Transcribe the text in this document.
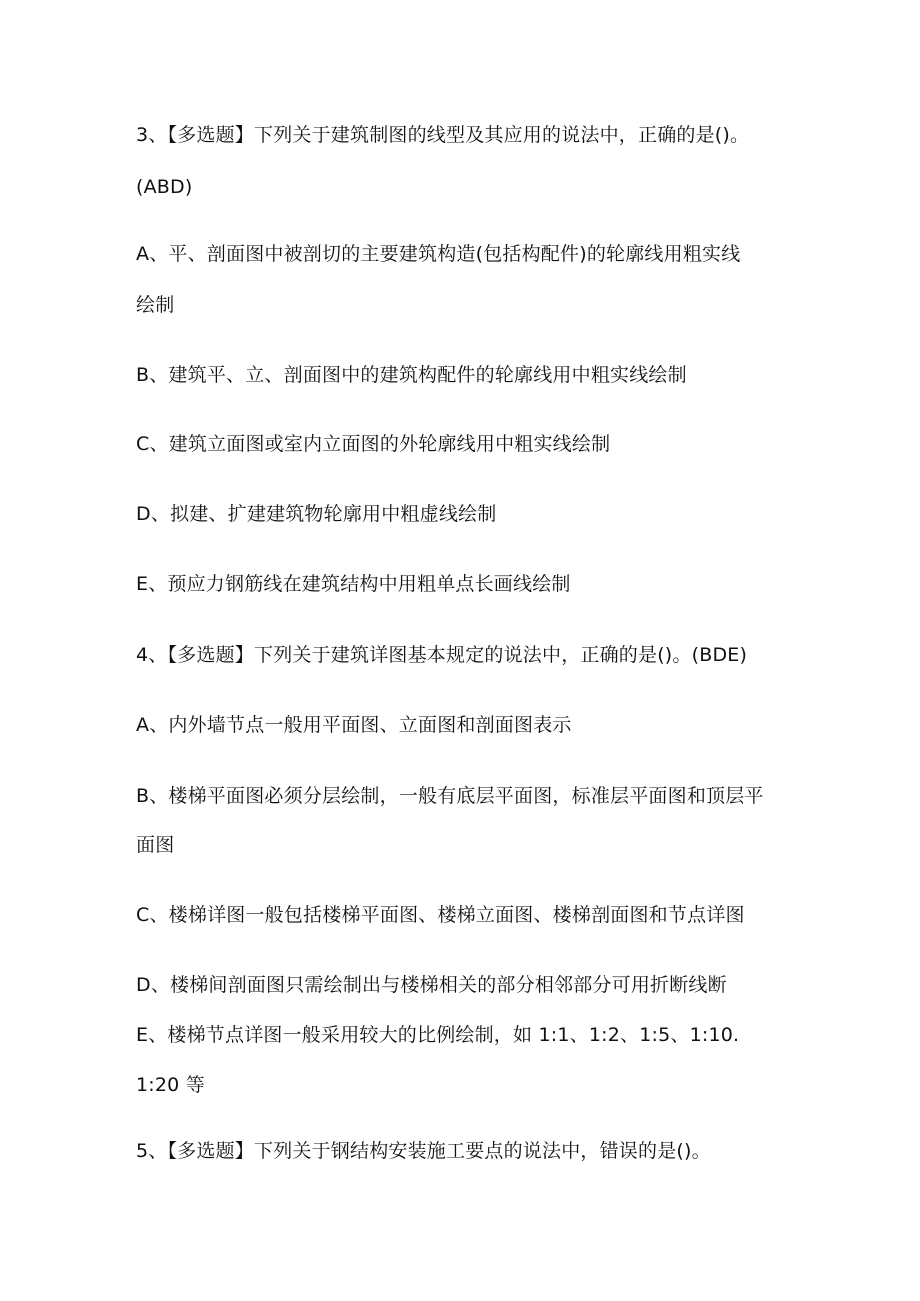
3、【多选题】下列关于建筑制图的线型及其应用的说法中，正确的是()。
(ABD)
A、平、剖面图中被剖切的主要建筑构造(包括构配件)的轮廓线用粗实线
绘制
B、建筑平、立、剖面图中的建筑构配件的轮廓线用中粗实线绘制
C、建筑立面图或室内立面图的外轮廓线用中粗实线绘制
D、拟建、扩建建筑物轮廓用中粗虚线绘制
E、预应力钢筋线在建筑结构中用粗单点长画线绘制
4、【多选题】下列关于建筑详图基本规定的说法中，正确的是()。(BDE)
A、内外墙节点一般用平面图、立面图和剖面图表示
B、楼梯平面图必须分层绘制，一般有底层平面图，标准层平面图和顶层平
面图
C、楼梯详图一般包括楼梯平面图、楼梯立面图、楼梯剖面图和节点详图
D、楼梯间剖面图只需绘制出与楼梯相关的部分相邻部分可用折断线断
E、楼梯节点详图一般采用较大的比例绘制，如 1:1、1:2、1:5、1:10.
1:20 等
5、【多选题】下列关于钢结构安装施工要点的说法中，错误的是()。
